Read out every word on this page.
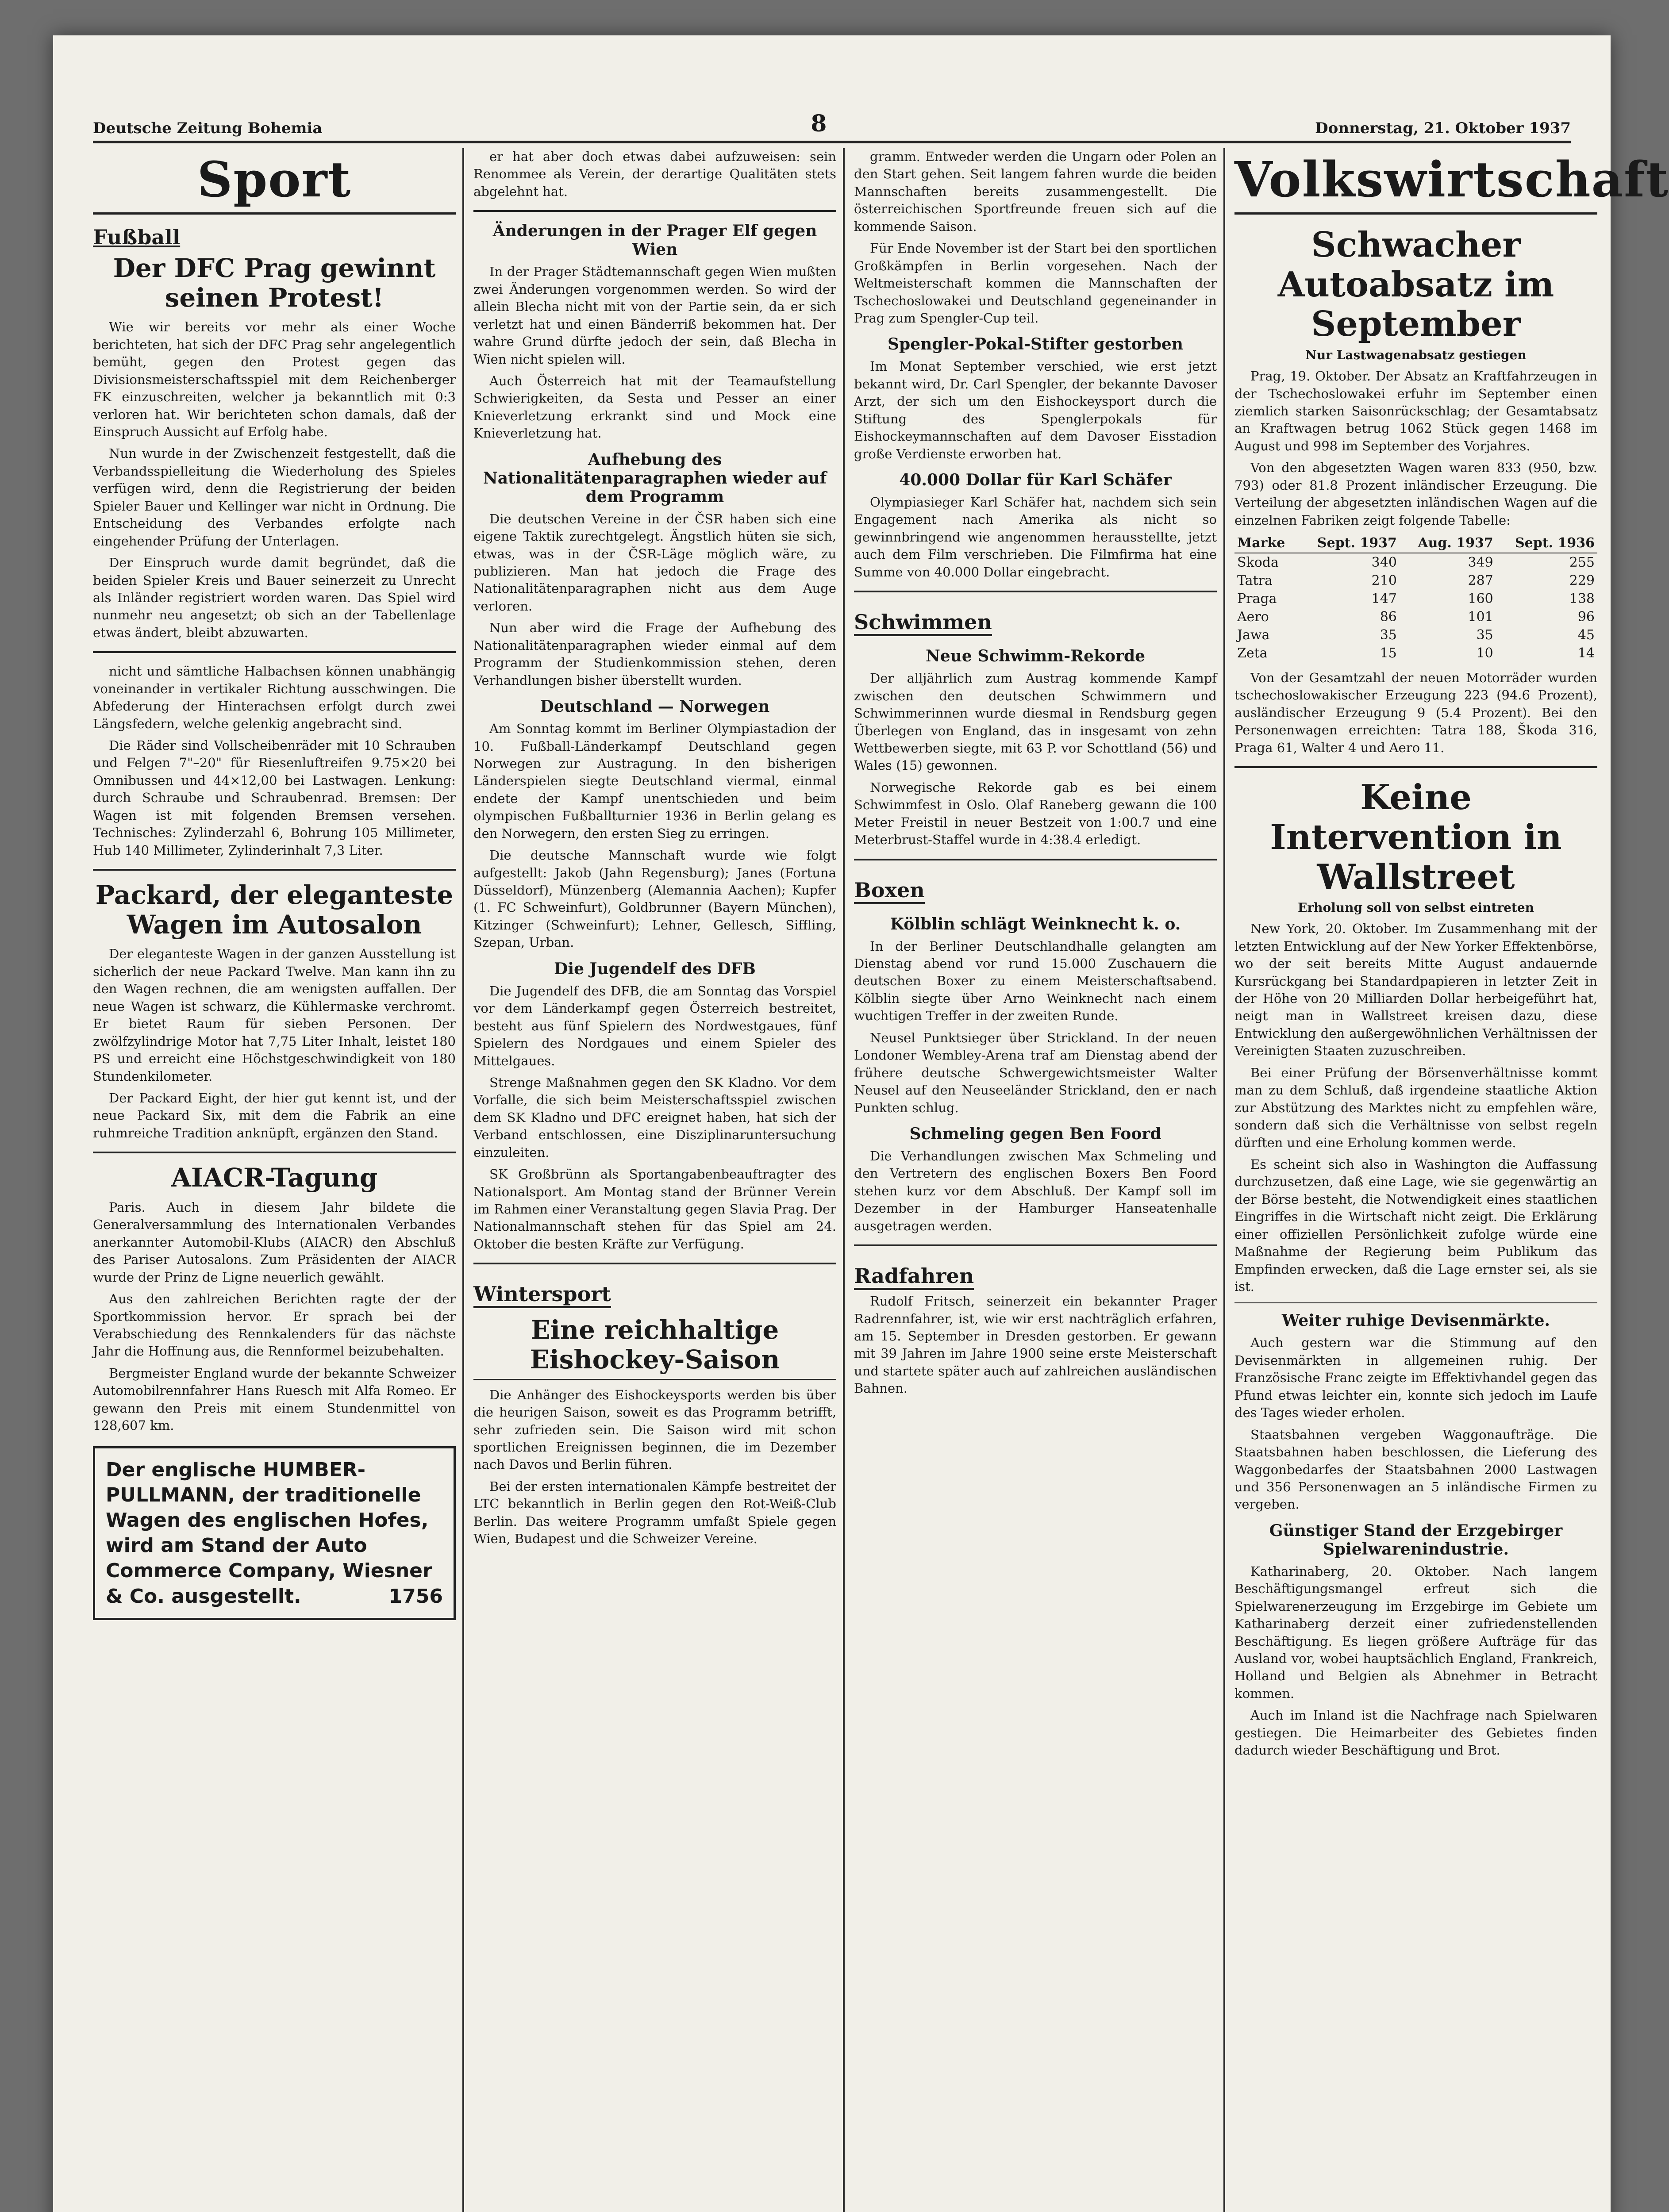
Deutsche Zeitung Bohemia	8	Donnerstag, 21. Oktober 1937
Sport
Fußball
Der DFC Prag gewinnt seinen Protest!

Wie wir bereits vor mehr als einer Woche berichteten, hat sich der DFC Prag sehr angelegentlich bemüht, gegen den Protest gegen das Divisionsmeisterschaftsspiel mit dem Reichenberger FK einzuschreiten, welcher ja bekanntlich mit 0:3 verloren hat. Wir berichteten schon damals, daß der Einspruch Aussicht auf Erfolg habe.

Nun wurde in der Zwischenzeit festgestellt, daß die Verbandsspielleitung die Wiederholung des Spieles verfügen wird, denn die Registrierung der beiden Spieler Bauer und Kellinger war nicht in Ordnung. Die Entscheidung des Verbandes erfolgte nach eingehender Prüfung der Unterlagen.

Der Einspruch wurde damit begründet, daß die beiden Spieler Kreis und Bauer seinerzeit zu Unrecht als Inländer registriert worden waren. Das Spiel wird nunmehr neu angesetzt; ob sich an der Tabellenlage etwas ändert, bleibt abzuwarten.

nicht und sämtliche Halbachsen können unabhängig voneinander in vertikaler Richtung ausschwingen. Die Abfederung der Hinterachsen erfolgt durch zwei Längsfedern, welche gelenkig angebracht sind.

Die Räder sind Vollscheibenräder mit 10 Schrauben und Felgen 7"–20" für Riesenluftreifen 9.75×20 bei Omnibussen und 44×12,00 bei Lastwagen. Lenkung: durch Schraube und Schraubenrad. Bremsen: Der Wagen ist mit folgenden Bremsen versehen. Technisches: Zylinderzahl 6, Bohrung 105 Millimeter, Hub 140 Millimeter, Zylinderinhalt 7,3 Liter.

Packard, der eleganteste Wagen im Autosalon

Der eleganteste Wagen in der ganzen Ausstellung ist sicherlich der neue Packard Twelve. Man kann ihn zu den Wagen rechnen, die am wenigsten auffallen. Der neue Wagen ist schwarz, die Kühlermaske verchromt. Er bietet Raum für sieben Personen. Der zwölfzylindrige Motor hat 7,75 Liter Inhalt, leistet 180 PS und erreicht eine Höchstgeschwindigkeit von 180 Stundenkilometer.

Der Packard Eight, der hier gut kennt ist, und der neue Packard Six, mit dem die Fabrik an eine ruhmreiche Tradition anknüpft, ergänzen den Stand.

AIACR-Tagung

Paris. Auch in diesem Jahr bildete die Generalversammlung des Internationalen Verbandes anerkannter Automobil-Klubs (AIACR) den Abschluß des Pariser Autosalons. Zum Präsidenten der AIACR wurde der Prinz de Ligne neuerlich gewählt.

Aus den zahlreichen Berichten ragte der der Sportkommission hervor. Er sprach bei der Verabschiedung des Rennkalenders für das nächste Jahr die Hoffnung aus, die Rennformel beizubehalten.

Bergmeister England wurde der bekannte Schweizer Automobilrennfahrer Hans Ruesch mit Alfa Romeo. Er gewann den Preis mit einem Stundenmittel von 128,607 km.

Der englische HUMBER-PULLMANN, der traditionelle Wagen des englischen Hofes, wird am Stand der Auto Commerce Company, Wiesner & Co. ausgestellt.	1756

er hat aber doch etwas dabei aufzuweisen: sein Renommee als Verein, der derartige Qualitäten stets abgelehnt hat.

Änderungen in der Prager Elf gegen Wien

In der Prager Städtemannschaft gegen Wien mußten zwei Änderungen vorgenommen werden. So wird der allein Blecha nicht mit von der Partie sein, da er sich verletzt hat und einen Bänderriß bekommen hat. Der wahre Grund dürfte jedoch der sein, daß Blecha in Wien nicht spielen will.

Auch Österreich hat mit der Teamaufstellung Schwierigkeiten, da Sesta und Pesser an einer Knieverletzung erkrankt sind und Mock eine Knieverletzung hat.

Aufhebung des Nationalitätenparagraphen wieder auf dem Programm

Die deutschen Vereine in der ČSR haben sich eine eigene Taktik zurechtgelegt. Ängstlich hüten sie sich, etwas, was in der ČSR-Läge möglich wäre, zu publizieren. Man hat jedoch die Frage des Nationalitätenparagraphen nicht aus dem Auge verloren.

Nun aber wird die Frage der Aufhebung des Nationalitätenparagraphen wieder einmal auf dem Programm der Studienkommission stehen, deren Verhandlungen bisher überstellt wurden.

Deutschland — Norwegen

Am Sonntag kommt im Berliner Olympiastadion der 10. Fußball-Länderkampf Deutschland gegen Norwegen zur Austragung. In den bisherigen Länderspielen siegte Deutschland viermal, einmal endete der Kampf unentschieden und beim olympischen Fußballturnier 1936 in Berlin gelang es den Norwegern, den ersten Sieg zu erringen.

Die deutsche Mannschaft wurde wie folgt aufgestellt: Jakob (Jahn Regensburg); Janes (Fortuna Düsseldorf), Münzenberg (Alemannia Aachen); Kupfer (1. FC Schweinfurt), Goldbrunner (Bayern München), Kitzinger (Schweinfurt); Lehner, Gellesch, Siffling, Szepan, Urban.

Die Jugendelf des DFB

Die Jugendelf des DFB, die am Sonntag das Vorspiel vor dem Länderkampf gegen Österreich bestreitet, besteht aus fünf Spielern des Nordwestgaues, fünf Spielern des Nordgaues und einem Spieler des Mittelgaues.

Strenge Maßnahmen gegen den SK Kladno. Vor dem Vorfalle, die sich beim Meisterschaftsspiel zwischen dem SK Kladno und DFC ereignet haben, hat sich der Verband entschlossen, eine Disziplinaruntersuchung einzuleiten.

SK Großbrünn als Sportangabenbeauftragter des Nationalsport. Am Montag stand der Brünner Verein im Rahmen einer Veranstaltung gegen Slavia Prag. Der Nationalmannschaft stehen für das Spiel am 24. Oktober die besten Kräfte zur Verfügung.

Wintersport
Eine reichhaltige Eishockey-Saison

Die Anhänger des Eishockeysports werden bis über die heurigen Saison, soweit es das Programm betrifft, sehr zufrieden sein. Die Saison wird mit schon sportlichen Ereignissen beginnen, die im Dezember nach Davos und Berlin führen.

Bei der ersten internationalen Kämpfe bestreitet der LTC bekanntlich in Berlin gegen den Rot-Weiß-Club Berlin. Das weitere Programm umfaßt Spiele gegen Wien, Budapest und die Schweizer Vereine.

gramm. Entweder werden die Ungarn oder Polen an den Start gehen. Seit langem fahren wurde die beiden Mannschaften bereits zusammengestellt. Die österreichischen Sportfreunde freuen sich auf die kommende Saison.

Für Ende November ist der Start bei den sportlichen Großkämpfen in Berlin vorgesehen. Nach der Weltmeisterschaft kommen die Mannschaften der Tschechoslowakei und Deutschland gegeneinander in Prag zum Spengler-Cup teil.

Spengler-Pokal-Stifter gestorben

Im Monat September verschied, wie erst jetzt bekannt wird, Dr. Carl Spengler, der bekannte Davoser Arzt, der sich um den Eishockeysport durch die Stiftung des Spenglerpokals für Eishockeymannschaften auf dem Davoser Eisstadion große Verdienste erworben hat.

40.000 Dollar für Karl Schäfer

Olympiasieger Karl Schäfer hat, nachdem sich sein Engagement nach Amerika als nicht so gewinnbringend wie angenommen herausstellte, jetzt auch dem Film verschrieben. Die Filmfirma hat eine Summe von 40.000 Dollar eingebracht.

Schwimmen
Neue Schwimm-Rekorde

Der alljährlich zum Austrag kommende Kampf zwischen den deutschen Schwimmern und Schwimmerinnen wurde diesmal in Rendsburg gegen Überlegen von England, das in insgesamt von zehn Wettbewerben siegte, mit 63 P. vor Schottland (56) und Wales (15) gewonnen.

Norwegische Rekorde gab es bei einem Schwimmfest in Oslo. Olaf Raneberg gewann die 100 Meter Freistil in neuer Bestzeit von 1:00.7 und eine Meterbrust-Staffel wurde in 4:38.4 erledigt.

Boxen
Kölblin schlägt Weinknecht k. o.

In der Berliner Deutschlandhalle gelangten am Dienstag abend vor rund 15.000 Zuschauern die deutschen Boxer zu einem Meisterschaftsabend. Kölblin siegte über Arno Weinknecht nach einem wuchtigen Treffer in der zweiten Runde.

Neusel Punktsieger über Strickland. In der neuen Londoner Wembley-Arena traf am Dienstag abend der frühere deutsche Schwergewichtsmeister Walter Neusel auf den Neuseeländer Strickland, den er nach Punkten schlug.

Schmeling gegen Ben Foord

Die Verhandlungen zwischen Max Schmeling und den Vertretern des englischen Boxers Ben Foord stehen kurz vor dem Abschluß. Der Kampf soll im Dezember in der Hamburger Hanseatenhalle ausgetragen werden.

Radfahren

Rudolf Fritsch, seinerzeit ein bekannter Prager Radrennfahrer, ist, wie wir erst nachträglich erfahren, am 15. September in Dresden gestorben. Er gewann mit 39 Jahren im Jahre 1900 seine erste Meisterschaft und startete später auch auf zahlreichen ausländischen Bahnen.

Volkswirtschaft
Schwacher Autoabsatz im September
Nur Lastwagenabsatz gestiegen

Prag, 19. Oktober. Der Absatz an Kraftfahrzeugen in der Tschechoslowakei erfuhr im September einen ziemlich starken Saisonrückschlag; der Gesamtabsatz an Kraftwagen betrug 1062 Stück gegen 1468 im August und 998 im September des Vorjahres.

Von den abgesetzten Wagen waren 833 (950, bzw. 793) oder 81.8 Prozent inländischer Erzeugung. Die Verteilung der abgesetzten inländischen Wagen auf die einzelnen Fabriken zeigt folgende Tabelle:

Marke	Sept. 1937	Aug. 1937	Sept. 1936
Skoda	340	349	255
Tatra	210	287	229
Praga	147	160	138
Aero	86	101	96
Jawa	35	35	45
Zeta	15	10	14

Von der Gesamtzahl der neuen Motorräder wurden tschechoslowakischer Erzeugung 223 (94.6 Prozent), ausländischer Erzeugung 9 (5.4 Prozent). Bei den Personenwagen erreichten: Tatra 188, Škoda 316, Praga 61, Walter 4 und Aero 11.

Keine Intervention in Wallstreet
Erholung soll von selbst eintreten

New York, 20. Oktober. Im Zusammenhang mit der letzten Entwicklung auf der New Yorker Effektenbörse, wo der seit bereits Mitte August andauernde Kursrückgang bei Standardpapieren in letzter Zeit in der Höhe von 20 Milliarden Dollar herbeigeführt hat, neigt man in Wallstreet kreisen dazu, diese Entwicklung den außergewöhnlichen Verhältnissen der Vereinigten Staaten zuzuschreiben.

Bei einer Prüfung der Börsenverhältnisse kommt man zu dem Schluß, daß irgendeine staatliche Aktion zur Abstützung des Marktes nicht zu empfehlen wäre, sondern daß sich die Verhältnisse von selbst regeln dürften und eine Erholung kommen werde.

Es scheint sich also in Washington die Auffassung durchzusetzen, daß eine Lage, wie sie gegenwärtig an der Börse besteht, die Notwendigkeit eines staatlichen Eingriffes in die Wirtschaft nicht zeigt. Die Erklärung einer offiziellen Persönlichkeit zufolge würde eine Maßnahme der Regierung beim Publikum das Empfinden erwecken, daß die Lage ernster sei, als sie ist.

Weiter ruhige Devisenmärkte.

Auch gestern war die Stimmung auf den Devisenmärkten in allgemeinen ruhig. Der Französische Franc zeigte im Effektivhandel gegen das Pfund etwas leichter ein, konnte sich jedoch im Laufe des Tages wieder erholen.

Staatsbahnen vergeben Waggonaufträge. Die Staatsbahnen haben beschlossen, die Lieferung des Waggonbedarfes der Staatsbahnen 2000 Lastwagen und 356 Personenwagen an 5 inländische Firmen zu vergeben.

Günstiger Stand der Erzgebirger Spielwarenindustrie.

Katharinaberg, 20. Oktober. Nach langem Beschäftigungsmangel erfreut sich die Spielwarenerzeugung im Erzgebirge im Gebiete um Katharinaberg derzeit einer zufriedenstellenden Beschäftigung. Es liegen größere Aufträge für das Ausland vor, wobei hauptsächlich England, Frankreich, Holland und Belgien als Abnehmer in Betracht kommen.

Auch im Inland ist die Nachfrage nach Spielwaren gestiegen. Die Heimarbeiter des Gebietes finden dadurch wieder Beschäftigung und Brot.
